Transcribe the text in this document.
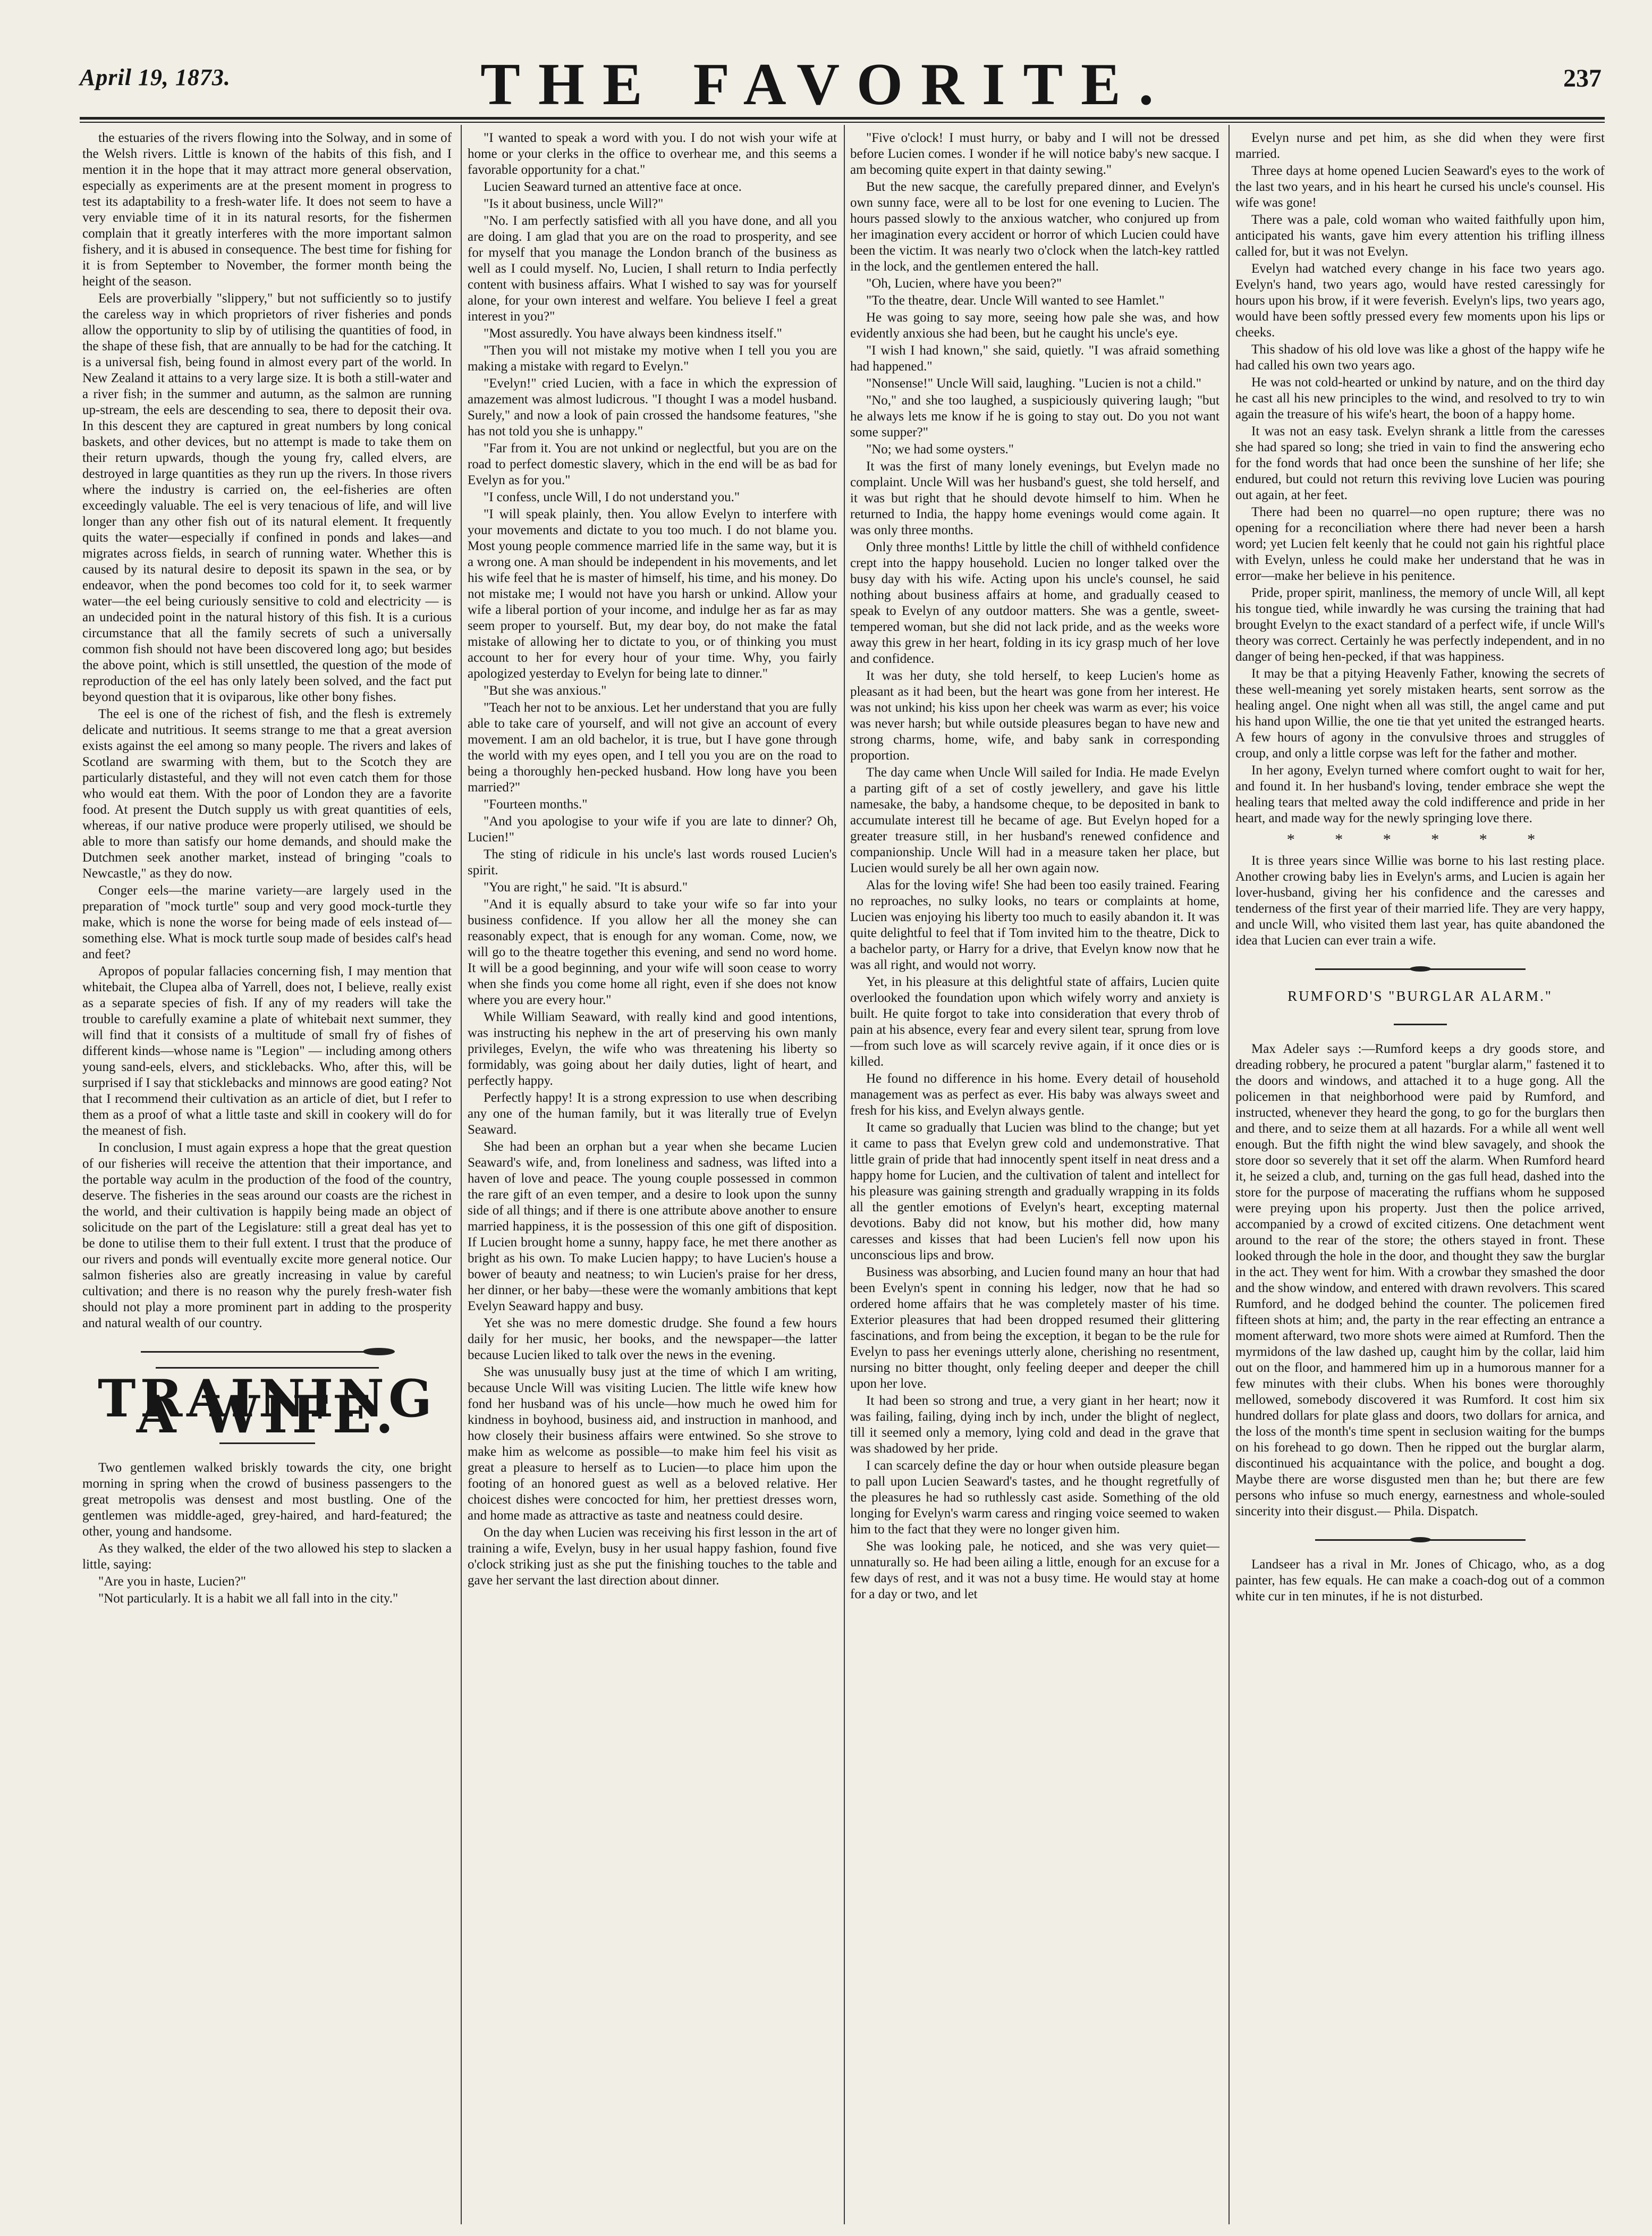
April 19, 1873.	THE FAVORITE.	237

the estuaries of the rivers flowing into the Solway, and in some of the Welsh rivers. Little is known of the habits of this fish, and I mention it in the hope that it may attract more general observation, especially as experiments are at the present moment in progress to test its adaptability to a fresh-water life. It does not seem to have a very enviable time of it in its natural resorts, for the fishermen complain that it greatly interferes with the more important salmon fishery, and it is abused in consequence. The best time for fishing for it is from September to November, the former month being the height of the season.

Eels are proverbially "slippery," but not sufficiently so to justify the careless way in which proprietors of river fisheries and ponds allow the opportunity to slip by of utilising the quantities of food, in the shape of these fish, that are annually to be had for the catching. It is a universal fish, being found in almost every part of the world. In New Zealand it attains to a very large size. It is both a still-water and a river fish; in the summer and autumn, as the salmon are running up-stream, the eels are descending to sea, there to deposit their ova. In this descent they are captured in great numbers by long conical baskets, and other devices, but no attempt is made to take them on their return upwards, though the young fry, called elvers, are destroyed in large quantities as they run up the rivers. In those rivers where the industry is carried on, the eel-fisheries are often exceedingly valuable. The eel is very tenacious of life, and will live longer than any other fish out of its natural element. It frequently quits the water—especially if confined in ponds and lakes—and migrates across fields, in search of running water. Whether this is caused by its natural desire to deposit its spawn in the sea, or by endeavor, when the pond becomes too cold for it, to seek warmer water—the eel being curiously sensitive to cold and electricity — is an undecided point in the natural history of this fish. It is a curious circumstance that all the family secrets of such a universally common fish should not have been discovered long ago; but besides the above point, which is still unsettled, the question of the mode of reproduction of the eel has only lately been solved, and the fact put beyond question that it is oviparous, like other bony fishes.

The eel is one of the richest of fish, and the flesh is extremely delicate and nutritious. It seems strange to me that a great aversion exists against the eel among so many people. The rivers and lakes of Scotland are swarming with them, but to the Scotch they are particularly distasteful, and they will not even catch them for those who would eat them. With the poor of London they are a favorite food. At present the Dutch supply us with great quantities of eels, whereas, if our native produce were properly utilised, we should be able to more than satisfy our home demands, and should make the Dutchmen seek another market, instead of bringing "coals to Newcastle," as they do now.

Conger eels—the marine variety—are largely used in the preparation of "mock turtle" soup and very good mock-turtle they make, which is none the worse for being made of eels instead of—something else. What is mock turtle soup made of besides calf's head and feet?

Apropos of popular fallacies concerning fish, I may mention that whitebait, the Clupea alba of Yarrell, does not, I believe, really exist as a separate species of fish. If any of my readers will take the trouble to carefully examine a plate of whitebait next summer, they will find that it consists of a multitude of small fry of fishes of different kinds—whose name is "Legion" — including among others young sand-eels, elvers, and sticklebacks. Who, after this, will be surprised if I say that sticklebacks and minnows are good eating? Not that I recommend their cultivation as an article of diet, but I refer to them as a proof of what a little taste and skill in cookery will do for the meanest of fish.

In conclusion, I must again express a hope that the great question of our fisheries will receive the attention that their importance, and the portable way aculm in the production of the food of the country, deserve. The fisheries in the seas around our coasts are the richest in the world, and their cultivation is happily being made an object of solicitude on the part of the Legislature: still a great deal has yet to be done to utilise them to their full extent. I trust that the produce of our rivers and ponds will eventually excite more general notice. Our salmon fisheries also are greatly increasing in value by careful cultivation; and there is no reason why the purely fresh-water fish should not play a more prominent part in adding to the prosperity and natural wealth of our country.

TRAINING A WIFE.

Two gentlemen walked briskly towards the city, one bright morning in spring when the crowd of business passengers to the great metropolis was densest and most bustling. One of the gentlemen was middle-aged, grey-haired, and hard-featured; the other, young and handsome.

As they walked, the elder of the two allowed his step to slacken a little, saying:

"Are you in haste, Lucien?"

"Not particularly. It is a habit we all fall into in the city."

"I wanted to speak a word with you. I do not wish your wife at home or your clerks in the office to overhear me, and this seems a favorable opportunity for a chat."

Lucien Seaward turned an attentive face at once.

"Is it about business, uncle Will?"

"No. I am perfectly satisfied with all you have done, and all you are doing. I am glad that you are on the road to prosperity, and see for myself that you manage the London branch of the business as well as I could myself. No, Lucien, I shall return to India perfectly content with business affairs. What I wished to say was for yourself alone, for your own interest and welfare. You believe I feel a great interest in you?"

"Most assuredly. You have always been kindness itself."

"Then you will not mistake my motive when I tell you you are making a mistake with regard to Evelyn."

"Evelyn!" cried Lucien, with a face in which the expression of amazement was almost ludicrous. "I thought I was a model husband. Surely," and now a look of pain crossed the handsome features, "she has not told you she is unhappy."

"Far from it. You are not unkind or neglectful, but you are on the road to perfect domestic slavery, which in the end will be as bad for Evelyn as for you."

"I confess, uncle Will, I do not understand you."

"I will speak plainly, then. You allow Evelyn to interfere with your movements and dictate to you too much. I do not blame you. Most young people commence married life in the same way, but it is a wrong one. A man should be independent in his movements, and let his wife feel that he is master of himself, his time, and his money. Do not mistake me; I would not have you harsh or unkind. Allow your wife a liberal portion of your income, and indulge her as far as may seem proper to yourself. But, my dear boy, do not make the fatal mistake of allowing her to dictate to you, or of thinking you must account to her for every hour of your time. Why, you fairly apologized yesterday to Evelyn for being late to dinner."

"But she was anxious."

"Teach her not to be anxious. Let her understand that you are fully able to take care of yourself, and will not give an account of every movement. I am an old bachelor, it is true, but I have gone through the world with my eyes open, and I tell you you are on the road to being a thoroughly hen-pecked husband. How long have you been married?"

"Fourteen months."

"And you apologise to your wife if you are late to dinner? Oh, Lucien!"

The sting of ridicule in his uncle's last words roused Lucien's spirit.

"You are right," he said. "It is absurd."

"And it is equally absurd to take your wife so far into your business confidence. If you allow her all the money she can reasonably expect, that is enough for any woman. Come, now, we will go to the theatre together this evening, and send no word home. It will be a good beginning, and your wife will soon cease to worry when she finds you come home all right, even if she does not know where you are every hour."

While William Seaward, with really kind and good intentions, was instructing his nephew in the art of preserving his own manly privileges, Evelyn, the wife who was threatening his liberty so formidably, was going about her daily duties, light of heart, and perfectly happy.

Perfectly happy! It is a strong expression to use when describing any one of the human family, but it was literally true of Evelyn Seaward.

She had been an orphan but a year when she became Lucien Seaward's wife, and, from loneliness and sadness, was lifted into a haven of love and peace. The young couple possessed in common the rare gift of an even temper, and a desire to look upon the sunny side of all things; and if there is one attribute above another to ensure married happiness, it is the possession of this one gift of disposition. If Lucien brought home a sunny, happy face, he met there another as bright as his own. To make Lucien happy; to have Lucien's house a bower of beauty and neatness; to win Lucien's praise for her dress, her dinner, or her baby—these were the womanly ambitions that kept Evelyn Seaward happy and busy.

Yet she was no mere domestic drudge. She found a few hours daily for her music, her books, and the newspaper—the latter because Lucien liked to talk over the news in the evening.

She was unusually busy just at the time of which I am writing, because Uncle Will was visiting Lucien. The little wife knew how fond her husband was of his uncle—how much he owed him for kindness in boyhood, business aid, and instruction in manhood, and how closely their business affairs were entwined. So she strove to make him as welcome as possible—to make him feel his visit as great a pleasure to herself as to Lucien—to place him upon the footing of an honored guest as well as a beloved relative. Her choicest dishes were concocted for him, her prettiest dresses worn, and home made as attractive as taste and neatness could desire.

On the day when Lucien was receiving his first lesson in the art of training a wife, Evelyn, busy in her usual happy fashion, found five o'clock striking just as she put the finishing touches to the table and gave her servant the last direction about dinner.

"Five o'clock! I must hurry, or baby and I will not be dressed before Lucien comes. I wonder if he will notice baby's new sacque. I am becoming quite expert in that dainty sewing."

But the new sacque, the carefully prepared dinner, and Evelyn's own sunny face, were all to be lost for one evening to Lucien. The hours passed slowly to the anxious watcher, who conjured up from her imagination every accident or horror of which Lucien could have been the victim. It was nearly two o'clock when the latch-key rattled in the lock, and the gentlemen entered the hall.

"Oh, Lucien, where have you been?"

"To the theatre, dear. Uncle Will wanted to see Hamlet."

He was going to say more, seeing how pale she was, and how evidently anxious she had been, but he caught his uncle's eye.

"I wish I had known," she said, quietly. "I was afraid something had happened."

"Nonsense!" Uncle Will said, laughing. "Lucien is not a child."

"No," and she too laughed, a suspiciously quivering laugh; "but he always lets me know if he is going to stay out. Do you not want some supper?"

"No; we had some oysters."

It was the first of many lonely evenings, but Evelyn made no complaint. Uncle Will was her husband's guest, she told herself, and it was but right that he should devote himself to him. When he returned to India, the happy home evenings would come again. It was only three months.

Only three months! Little by little the chill of withheld confidence crept into the happy household. Lucien no longer talked over the busy day with his wife. Acting upon his uncle's counsel, he said nothing about business affairs at home, and gradually ceased to speak to Evelyn of any outdoor matters. She was a gentle, sweet-tempered woman, but she did not lack pride, and as the weeks wore away this grew in her heart, folding in its icy grasp much of her love and confidence.

It was her duty, she told herself, to keep Lucien's home as pleasant as it had been, but the heart was gone from her interest. He was not unkind; his kiss upon her cheek was warm as ever; his voice was never harsh; but while outside pleasures began to have new and strong charms, home, wife, and baby sank in corresponding proportion.

The day came when Uncle Will sailed for India. He made Evelyn a parting gift of a set of costly jewellery, and gave his little namesake, the baby, a handsome cheque, to be deposited in bank to accumulate interest till he became of age. But Evelyn hoped for a greater treasure still, in her husband's renewed confidence and companionship. Uncle Will had in a measure taken her place, but Lucien would surely be all her own again now.

Alas for the loving wife! She had been too easily trained. Fearing no reproaches, no sulky looks, no tears or complaints at home, Lucien was enjoying his liberty too much to easily abandon it. It was quite delightful to feel that if Tom invited him to the theatre, Dick to a bachelor party, or Harry for a drive, that Evelyn know now that he was all right, and would not worry.

Yet, in his pleasure at this delightful state of affairs, Lucien quite overlooked the foundation upon which wifely worry and anxiety is built. He quite forgot to take into consideration that every throb of pain at his absence, every fear and every silent tear, sprung from love—from such love as will scarcely revive again, if it once dies or is killed.

He found no difference in his home. Every detail of household management was as perfect as ever. His baby was always sweet and fresh for his kiss, and Evelyn always gentle.

It came so gradually that Lucien was blind to the change; but yet it came to pass that Evelyn grew cold and undemonstrative. That little grain of pride that had innocently spent itself in neat dress and a happy home for Lucien, and the cultivation of talent and intellect for his pleasure was gaining strength and gradually wrapping in its folds all the gentler emotions of Evelyn's heart, excepting maternal devotions. Baby did not know, but his mother did, how many caresses and kisses that had been Lucien's fell now upon his unconscious lips and brow.

Business was absorbing, and Lucien found many an hour that had been Evelyn's spent in conning his ledger, now that he had so ordered home affairs that he was completely master of his time. Exterior pleasures that had been dropped resumed their glittering fascinations, and from being the exception, it began to be the rule for Evelyn to pass her evenings utterly alone, cherishing no resentment, nursing no bitter thought, only feeling deeper and deeper the chill upon her love.

It had been so strong and true, a very giant in her heart; now it was failing, failing, dying inch by inch, under the blight of neglect, till it seemed only a memory, lying cold and dead in the grave that was shadowed by her pride.

I can scarcely define the day or hour when outside pleasure began to pall upon Lucien Seaward's tastes, and he thought regretfully of the pleasures he had so ruthlessly cast aside. Something of the old longing for Evelyn's warm caress and ringing voice seemed to waken him to the fact that they were no longer given him.

She was looking pale, he noticed, and she was very quiet—unnaturally so. He had been ailing a little, enough for an excuse for a few days of rest, and it was not a busy time. He would stay at home for a day or two, and let

Evelyn nurse and pet him, as she did when they were first married.

Three days at home opened Lucien Seaward's eyes to the work of the last two years, and in his heart he cursed his uncle's counsel. His wife was gone!

There was a pale, cold woman who waited faithfully upon him, anticipated his wants, gave him every attention his trifling illness called for, but it was not Evelyn.

Evelyn had watched every change in his face two years ago. Evelyn's hand, two years ago, would have rested caressingly for hours upon his brow, if it were feverish. Evelyn's lips, two years ago, would have been softly pressed every few moments upon his lips or cheeks.

This shadow of his old love was like a ghost of the happy wife he had called his own two years ago.

He was not cold-hearted or unkind by nature, and on the third day he cast all his new principles to the wind, and resolved to try to win again the treasure of his wife's heart, the boon of a happy home.

It was not an easy task. Evelyn shrank a little from the caresses she had spared so long; she tried in vain to find the answering echo for the fond words that had once been the sunshine of her life; she endured, but could not return this reviving love Lucien was pouring out again, at her feet.

There had been no quarrel—no open rupture; there was no opening for a reconciliation where there had never been a harsh word; yet Lucien felt keenly that he could not gain his rightful place with Evelyn, unless he could make her understand that he was in error—make her believe in his penitence.

Pride, proper spirit, manliness, the memory of uncle Will, all kept his tongue tied, while inwardly he was cursing the training that had brought Evelyn to the exact standard of a perfect wife, if uncle Will's theory was correct. Certainly he was perfectly independent, and in no danger of being hen-pecked, if that was happiness.

It may be that a pitying Heavenly Father, knowing the secrets of these well-meaning yet sorely mistaken hearts, sent sorrow as the healing angel. One night when all was still, the angel came and put his hand upon Willie, the one tie that yet united the estranged hearts. A few hours of agony in the convulsive throes and struggles of croup, and only a little corpse was left for the father and mother.

In her agony, Evelyn turned where comfort ought to wait for her, and found it. In her husband's loving, tender embrace she wept the healing tears that melted away the cold indifference and pride in her heart, and made way for the newly springing love there.

* * * * * *

It is three years since Willie was borne to his last resting place. Another crowing baby lies in Evelyn's arms, and Lucien is again her lover-husband, giving her his confidence and the caresses and tenderness of the first year of their married life. They are very happy, and uncle Will, who visited them last year, has quite abandoned the idea that Lucien can ever train a wife.

RUMFORD'S "BURGLAR ALARM."

Max Adeler says :—Rumford keeps a dry goods store, and dreading robbery, he procured a patent "burglar alarm," fastened it to the doors and windows, and attached it to a huge gong. All the policemen in that neighborhood were paid by Rumford, and instructed, whenever they heard the gong, to go for the burglars then and there, and to seize them at all hazards. For a while all went well enough. But the fifth night the wind blew savagely, and shook the store door so severely that it set off the alarm. When Rumford heard it, he seized a club, and, turning on the gas full head, dashed into the store for the purpose of macerating the ruffians whom he supposed were preying upon his property. Just then the police arrived, accompanied by a crowd of excited citizens. One detachment went around to the rear of the store; the others stayed in front. These looked through the hole in the door, and thought they saw the burglar in the act. They went for him. With a crowbar they smashed the door and the show window, and entered with drawn revolvers. This scared Rumford, and he dodged behind the counter. The policemen fired fifteen shots at him; and, the party in the rear effecting an entrance a moment afterward, two more shots were aimed at Rumford. Then the myrmidons of the law dashed up, caught him by the collar, laid him out on the floor, and hammered him up in a humorous manner for a few minutes with their clubs. When his bones were thoroughly mellowed, somebody discovered it was Rumford. It cost him six hundred dollars for plate glass and doors, two dollars for arnica, and the loss of the month's time spent in seclusion waiting for the bumps on his forehead to go down. Then he ripped out the burglar alarm, discontinued his acquaintance with the police, and bought a dog. Maybe there are worse disgusted men than he; but there are few persons who infuse so much energy, earnestness and whole-souled sincerity into their disgust.— Phila. Dispatch.

Landseer has a rival in Mr. Jones of Chicago, who, as a dog painter, has few equals. He can make a coach-dog out of a common white cur in ten minutes, if he is not disturbed.
